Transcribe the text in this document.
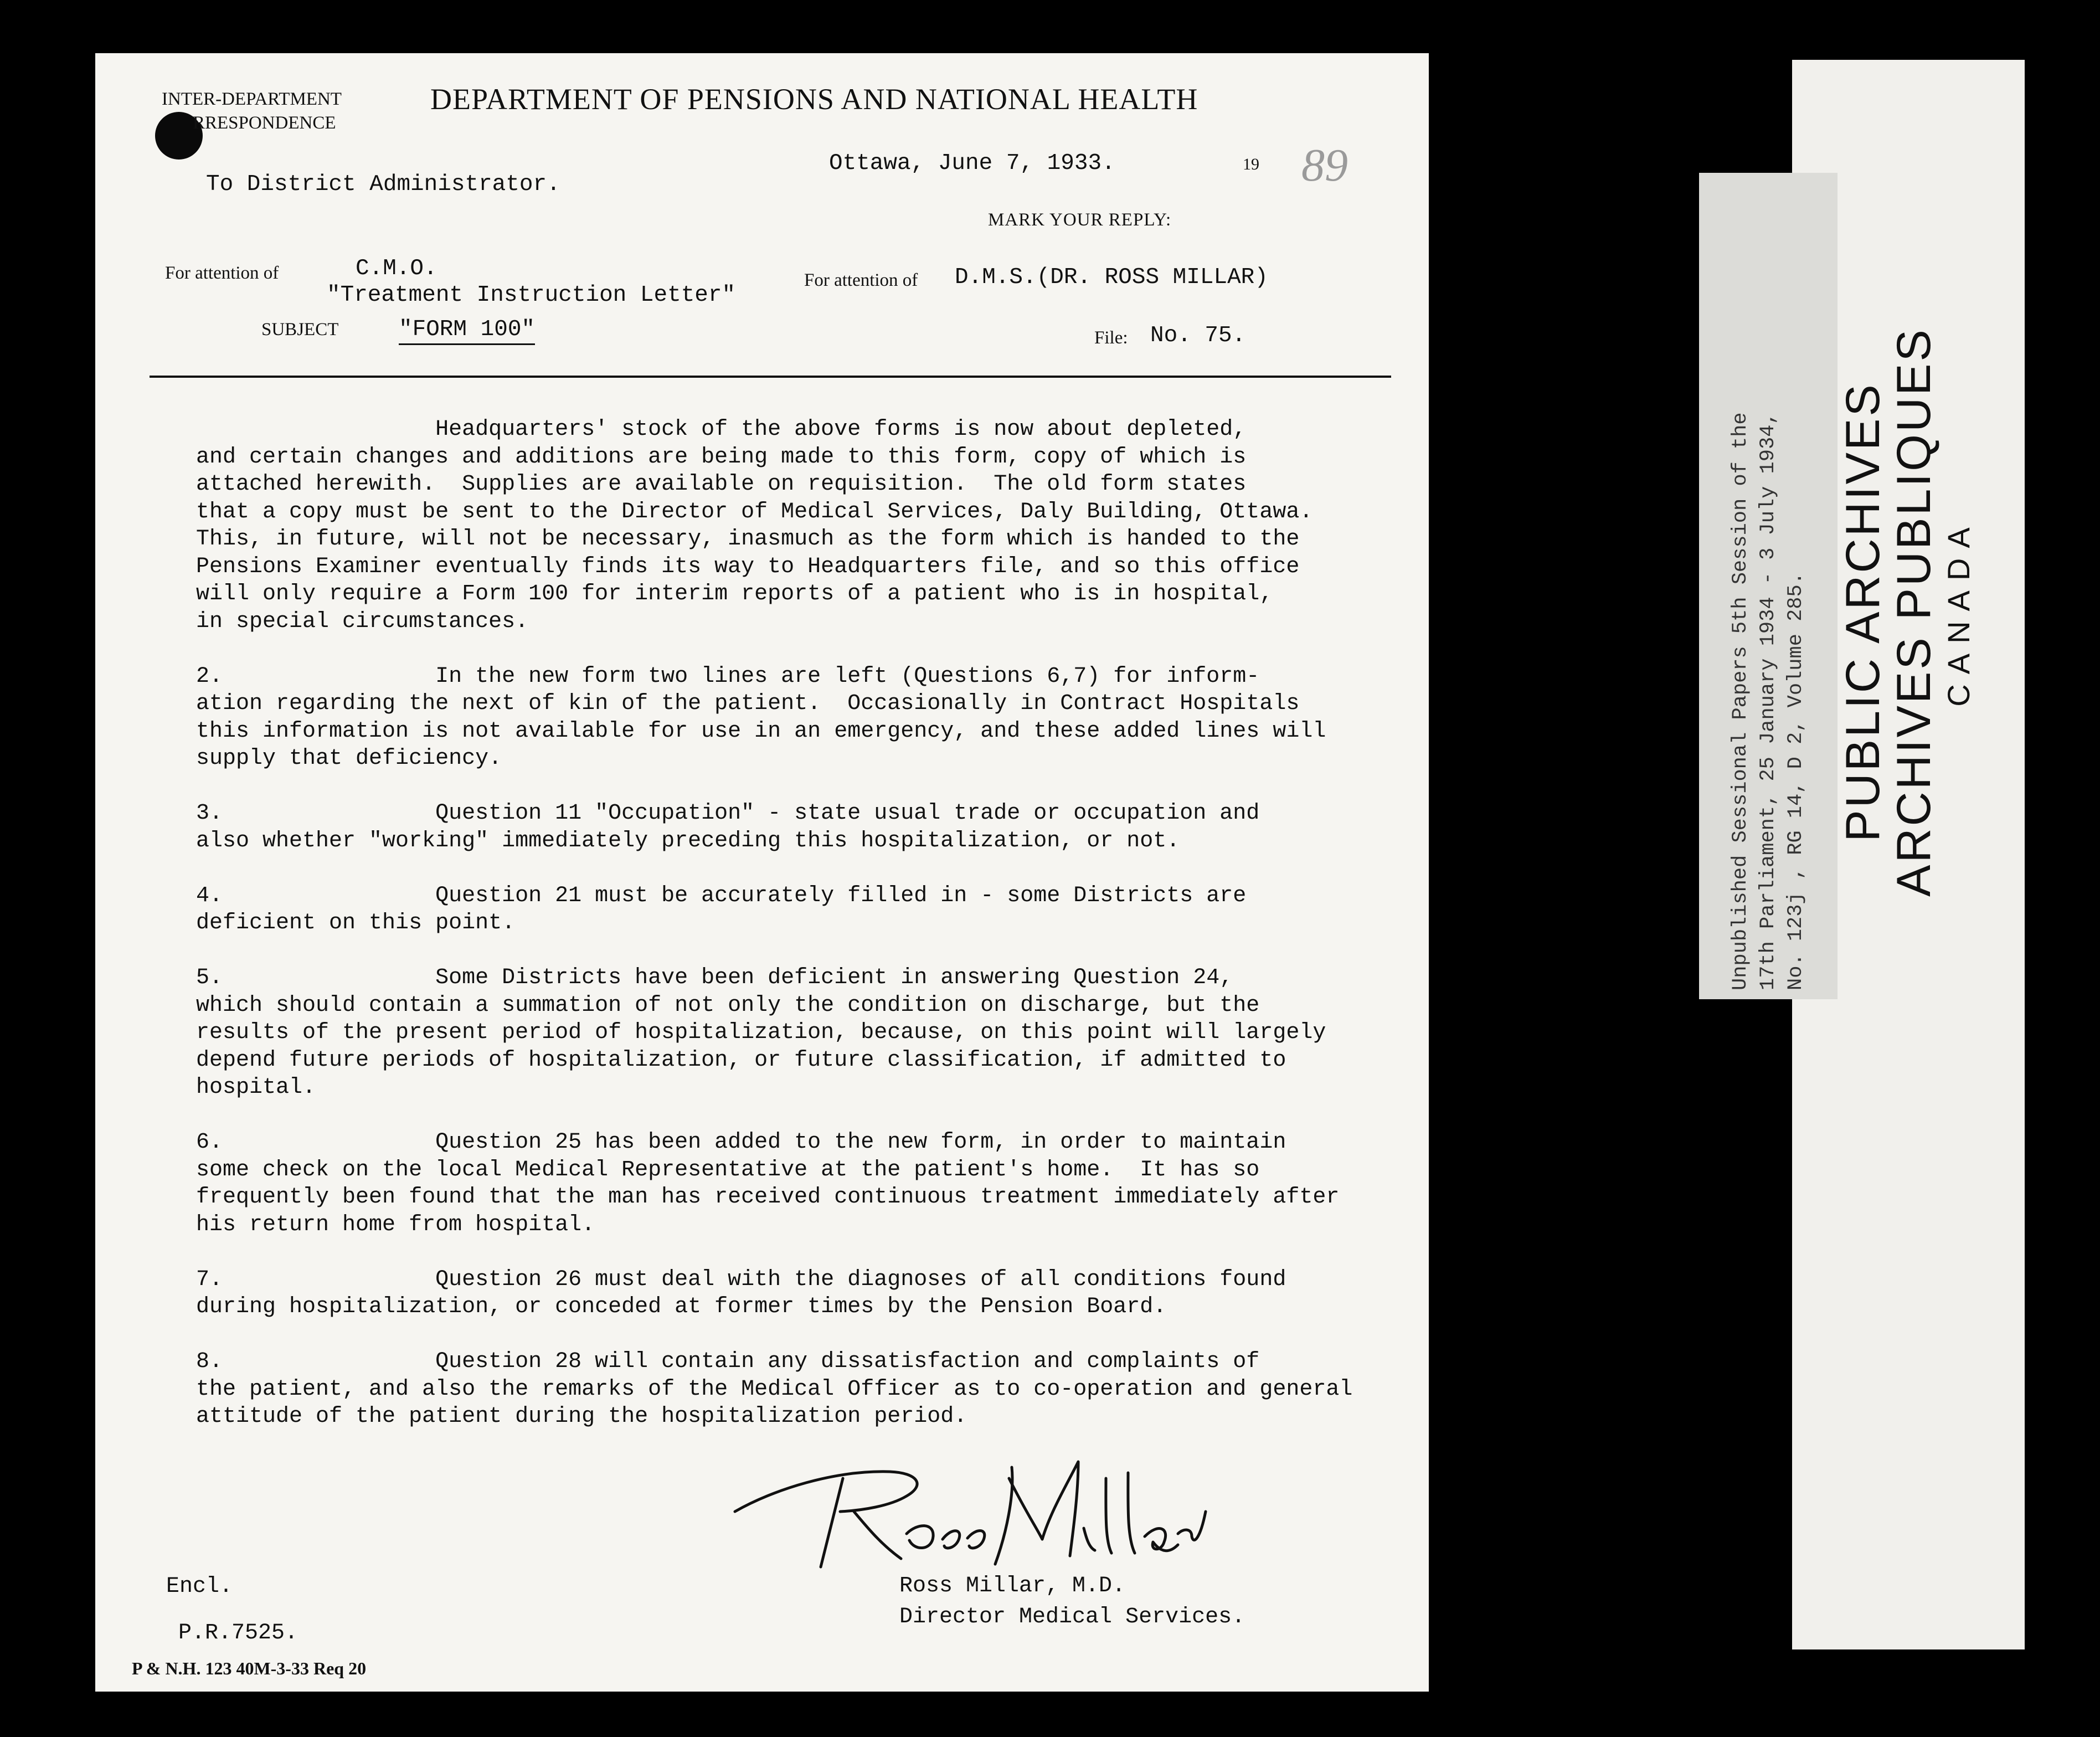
INTER-DEPARTMENT
RRESPONDENCE
DEPARTMENT OF PENSIONS AND NATIONAL HEALTH
Ottawa, June 7, 1933.	19 89
To District Administrator.
MARK YOUR REPLY:
For attention of	C.M.O.
"Treatment Instruction Letter"
For attention of D.M.S.(DR. ROSS MILLAR)
SUBJECT	"FORM 100"	File: No. 75.
Headquarters' stock of the above forms is now about depleted,
and certain changes and additions are being made to this form, copy of which is
attached herewith.  Supplies are available on requisition.  The old form states
that a copy must be sent to the Director of Medical Services, Daly Building, Ottawa.
This, in future, will not be necessary, inasmuch as the form which is handed to the
Pensions Examiner eventually finds its way to Headquarters file, and so this office
will only require a Form 100 for interim reports of a patient who is in hospital,
in special circumstances.

2.                In the new form two lines are left (Questions 6,7) for inform-
ation regarding the next of kin of the patient.  Occasionally in Contract Hospitals
this information is not available for use in an emergency, and these added lines will
supply that deficiency.

3.                Question 11 "Occupation" - state usual trade or occupation and
also whether "working" immediately preceding this hospitalization, or not.

4.                Question 21 must be accurately filled in - some Districts are
deficient on this point.

5.                Some Districts have been deficient in answering Question 24,
which should contain a summation of not only the condition on discharge, but the
results of the present period of hospitalization, because, on this point will largely
depend future periods of hospitalization, or future classification, if admitted to
hospital.

6.                Question 25 has been added to the new form, in order to maintain
some check on the local Medical Representative at the patient's home.  It has so
frequently been found that the man has received continuous treatment immediately after
his return home from hospital.

7.                Question 26 must deal with the diagnoses of all conditions found
during hospitalization, or conceded at former times by the Pension Board.

8.                Question 28 will contain any dissatisfaction and complaints of
the patient, and also the remarks of the Medical Officer as to co-operation and general
attitude of the patient during the hospitalization period.
Ross Millar
Ross Millar, M.D.
Director Medical Services.
Encl.
P.R.7525.
P & N.H. 123 40M-3-33 Req 20
Unpublished Sessional Papers 5th Session of the
17th Parliament, 25 January 1934 - 3 July 1934,
No. 123j , RG 14, D 2, Volume 285. PUBLIC ARCHIVES
ARCHIVES PUBLIQUES CANADA
